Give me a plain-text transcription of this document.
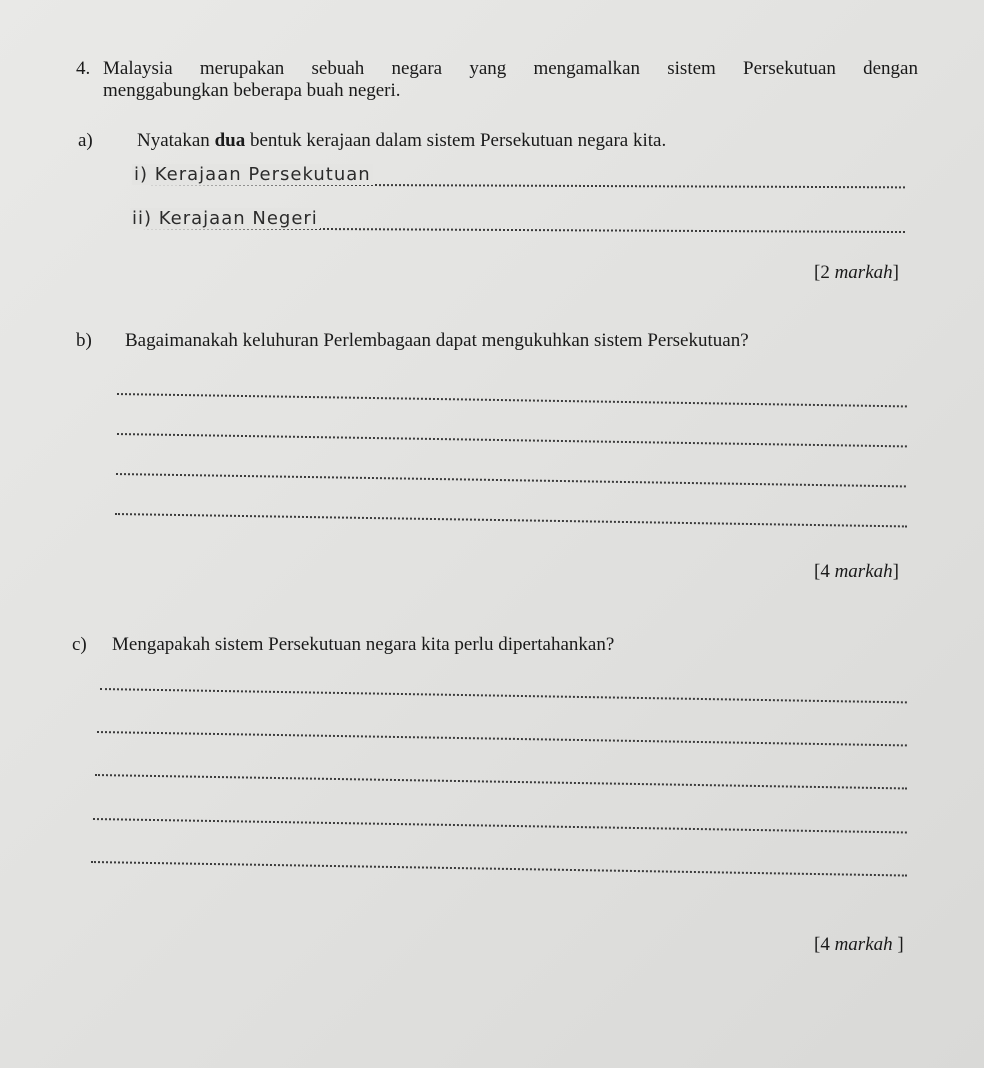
4. Malaysia merupakan sebuah negara yang mengamalkan sistem Persekutuan dengan
menggabungkan beberapa buah negeri.
a) Nyatakan dua bentuk kerajaan dalam sistem Persekutuan negara kita.
i) Kerajaan Persekutuan
ii) Kerajaan Negeri
[2 markah]
b) Bagaimanakah keluhuran Perlembagaan dapat mengukuhkan sistem Persekutuan?
[4 markah]
c) Mengapakah sistem Persekutuan negara kita perlu dipertahankan?
[4 markah ]
